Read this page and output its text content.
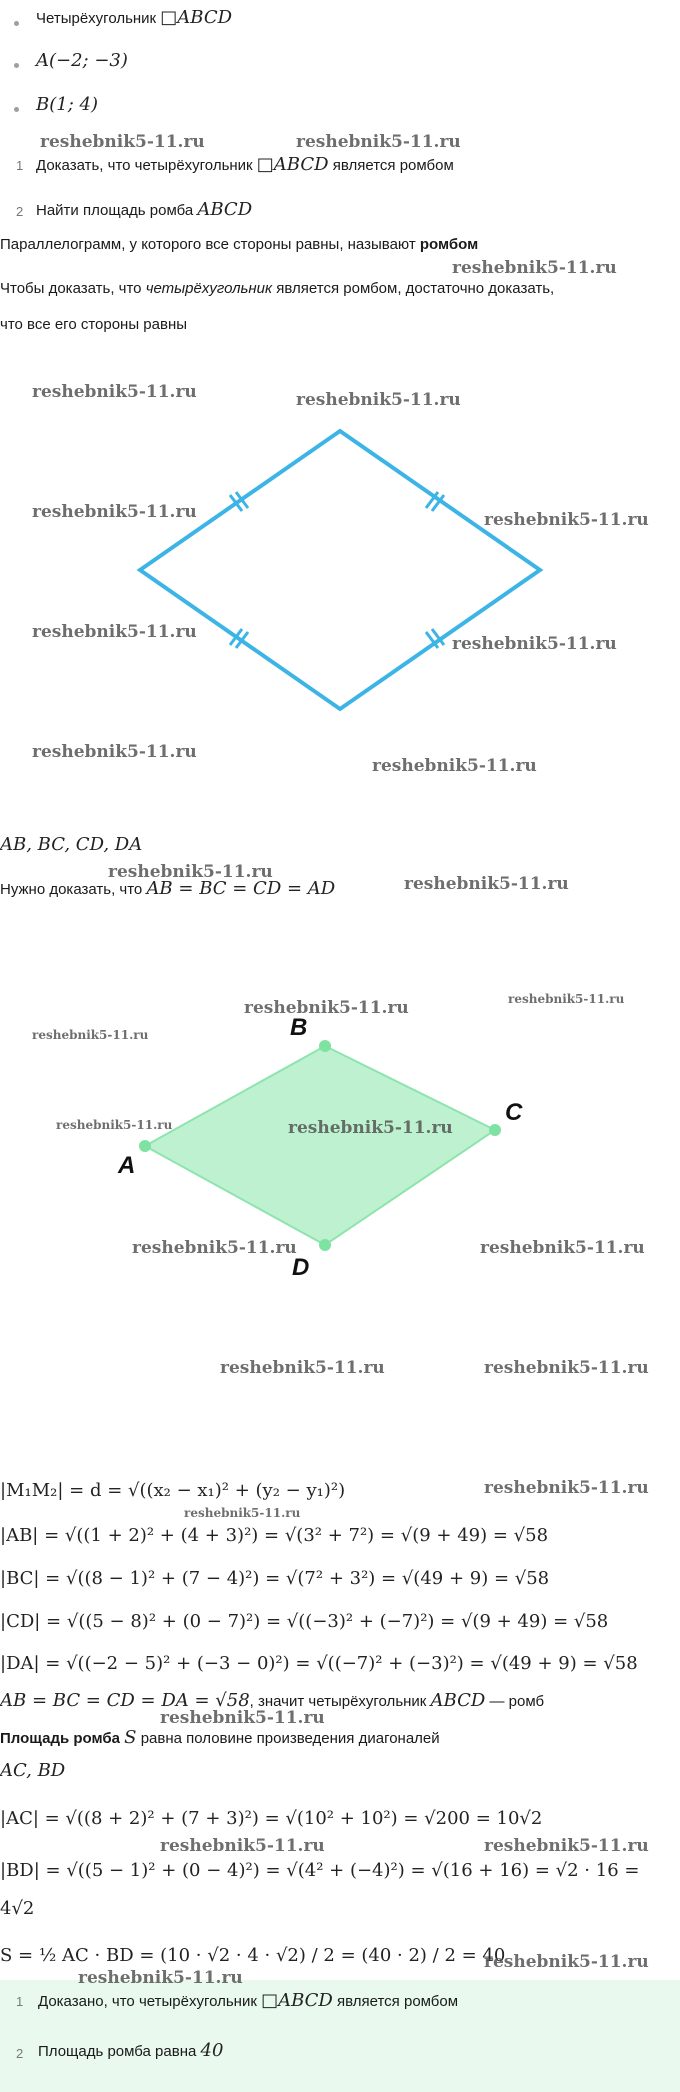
Четырёхугольник □ABCD
A(−2; −3)
B(1; 4)
1 Доказать, что четырёхугольник □ABCD является ромбом
2 Найти площадь ромба ABCD
Параллелограмм, у которого все стороны равны, называют ромбом
Чтобы доказать, что четырёхугольник является ромбом, достаточно доказать,
что все его стороны равны
AB, BC, CD, DA
Нужно доказать, что AB = BC = CD = AD
B
C
D
A
|M₁M₂| = d = √((x₂ − x₁)² + (y₂ − y₁)²)
|AB| = √((1 + 2)² + (4 + 3)²) = √(3² + 7²) = √(9 + 49) = √58
|BC| = √((8 − 1)² + (7 − 4)²) = √(7² + 3²) = √(49 + 9) = √58
|CD| = √((5 − 8)² + (0 − 7)²) = √((−3)² + (−7)²) = √(9 + 49) = √58
|DA| = √((−2 − 5)² + (−3 − 0)²) = √((−7)² + (−3)²) = √(49 + 9) = √58
AB = BC = CD = DA = √58, значит четырёхугольник ABCD — ромб
Площадь ромба S равна половине произведения диагоналей
AC, BD
|AC| = √((8 + 2)² + (7 + 3)²) = √(10² + 10²) = √200 = 10√2
|BD| = √((5 − 1)² + (0 − 4)²) = √(4² + (−4)²) = √(16 + 16) = √2 · 16 =
4√2
S = ½ AC · BD = (10 · √2 · 4 · √2) / 2 = (40 · 2) / 2 = 40
1 Доказано, что четырёхугольник □ABCD является ромбом
2 Площадь ромба равна 40
reshebnik5-11.ru	reshebnik5-11.ru
reshebnik5-11.ru
reshebnik5-11.ru	reshebnik5-11.ru
reshebnik5-11.ru	reshebnik5-11.ru
reshebnik5-11.ru
reshebnik5-11.ru
reshebnik5-11.ru
reshebnik5-11.ru
reshebnik5-11.ru
reshebnik5-11.ru
reshebnik5-11.ru	reshebnik5-11.ru
reshebnik5-11.ru
reshebnik5-11.ru	reshebnik5-11.ru
reshebnik5-11.ru	reshebnik5-11.ru
reshebnik5-11.ru	reshebnik5-11.ru
reshebnik5-11.ru
reshebnik5-11.ru
reshebnik5-11.ru
reshebnik5-11.ru	reshebnik5-11.ru
reshebnik5-11.ru
reshebnik5-11.ru
